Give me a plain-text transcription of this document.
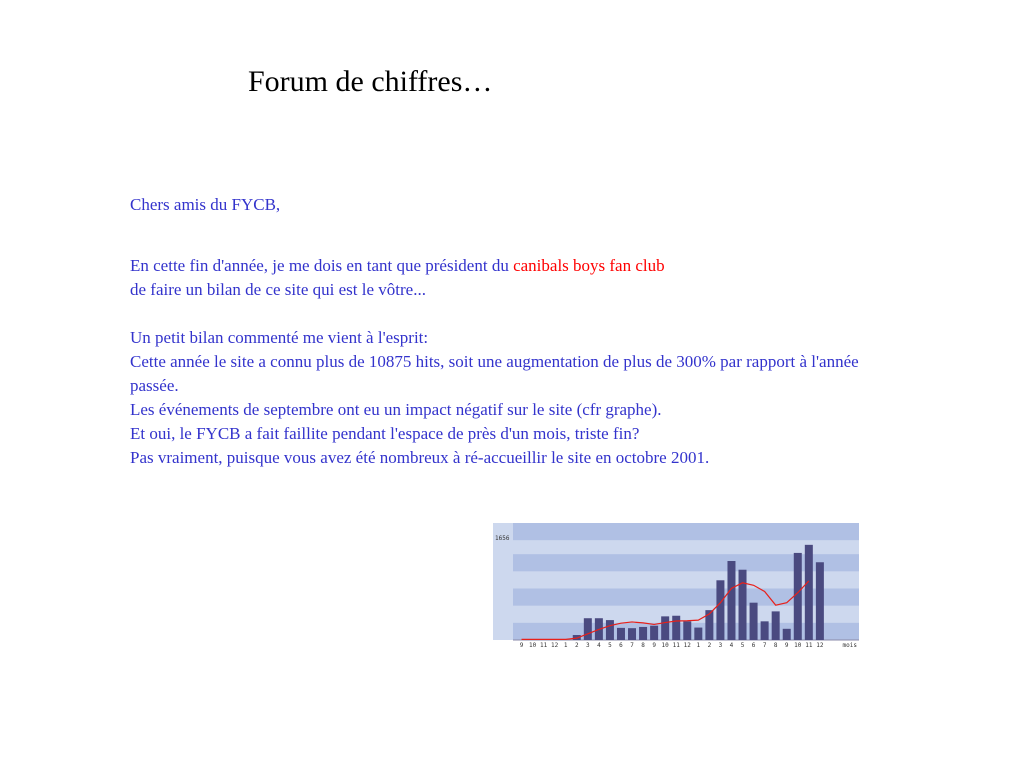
Forum de chiffres…
Chers amis du FYCB,

En cette fin d'année, je me dois en tant que président du canibals boys fan club

de faire un bilan de ce site qui est le vôtre...

Un petit bilan commenté me vient à l'esprit:

Cette année le site a connu plus de 10875 hits, soit une augmentation de plus de 300% par rapport à l'année passée.

Les événements de septembre ont eu un impact négatif sur le site (cfr graphe).

Et oui, le FYCB a fait faillite pendant l'espace de près d'un mois, triste fin?

Pas vraiment, puisque vous avez été nombreux à ré-accueillir le site en octobre 2001.

1656
9 10 11 12 1 2 3 4 5 6 7 8 9 10 11 12 1 2 3 4 5 6 7 8 9 10 11 12	mois
